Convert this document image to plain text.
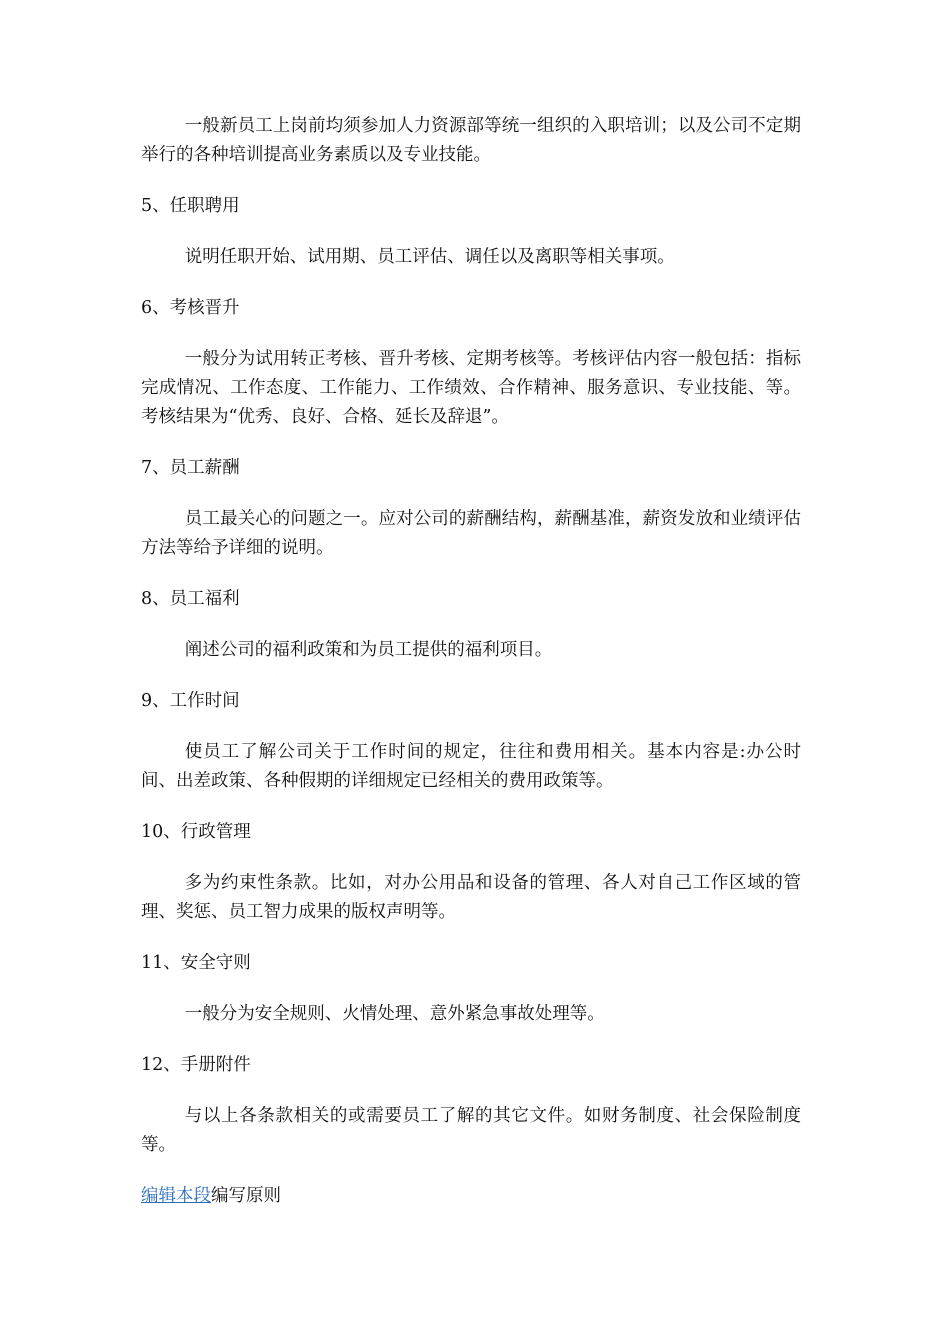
一般新员工上岗前均须参加人力资源部等统一组织的入职培训；以及公司不定期举行的各种培训提高业务素质以及专业技能。

5、任职聘用

说明任职开始、试用期、员工评估、调任以及离职等相关事项。

6、考核晋升

一般分为试用转正考核、晋升考核、定期考核等。考核评估内容一般包括：指标完成情况、工作态度、工作能力、工作绩效、合作精神、服务意识、专业技能、等。考核结果为“优秀、良好、合格、延长及辞退”。

7、员工薪酬

员工最关心的问题之一。应对公司的薪酬结构，薪酬基准，薪资发放和业绩评估方法等给予详细的说明。

8、员工福利

阐述公司的福利政策和为员工提供的福利项目。

9、工作时间

使员工了解公司关于工作时间的规定，往往和费用相关。基本内容是:办公时间、出差政策、各种假期的详细规定已经相关的费用政策等。

10、行政管理

多为约束性条款。比如，对办公用品和设备的管理、各人对自己工作区域的管理、奖惩、员工智力成果的版权声明等。

11、安全守则

一般分为安全规则、火情处理、意外紧急事故处理等。

12、手册附件

与以上各条款相关的或需要员工了解的其它文件。如财务制度、社会保险制度等。

编辑本段编写原则
